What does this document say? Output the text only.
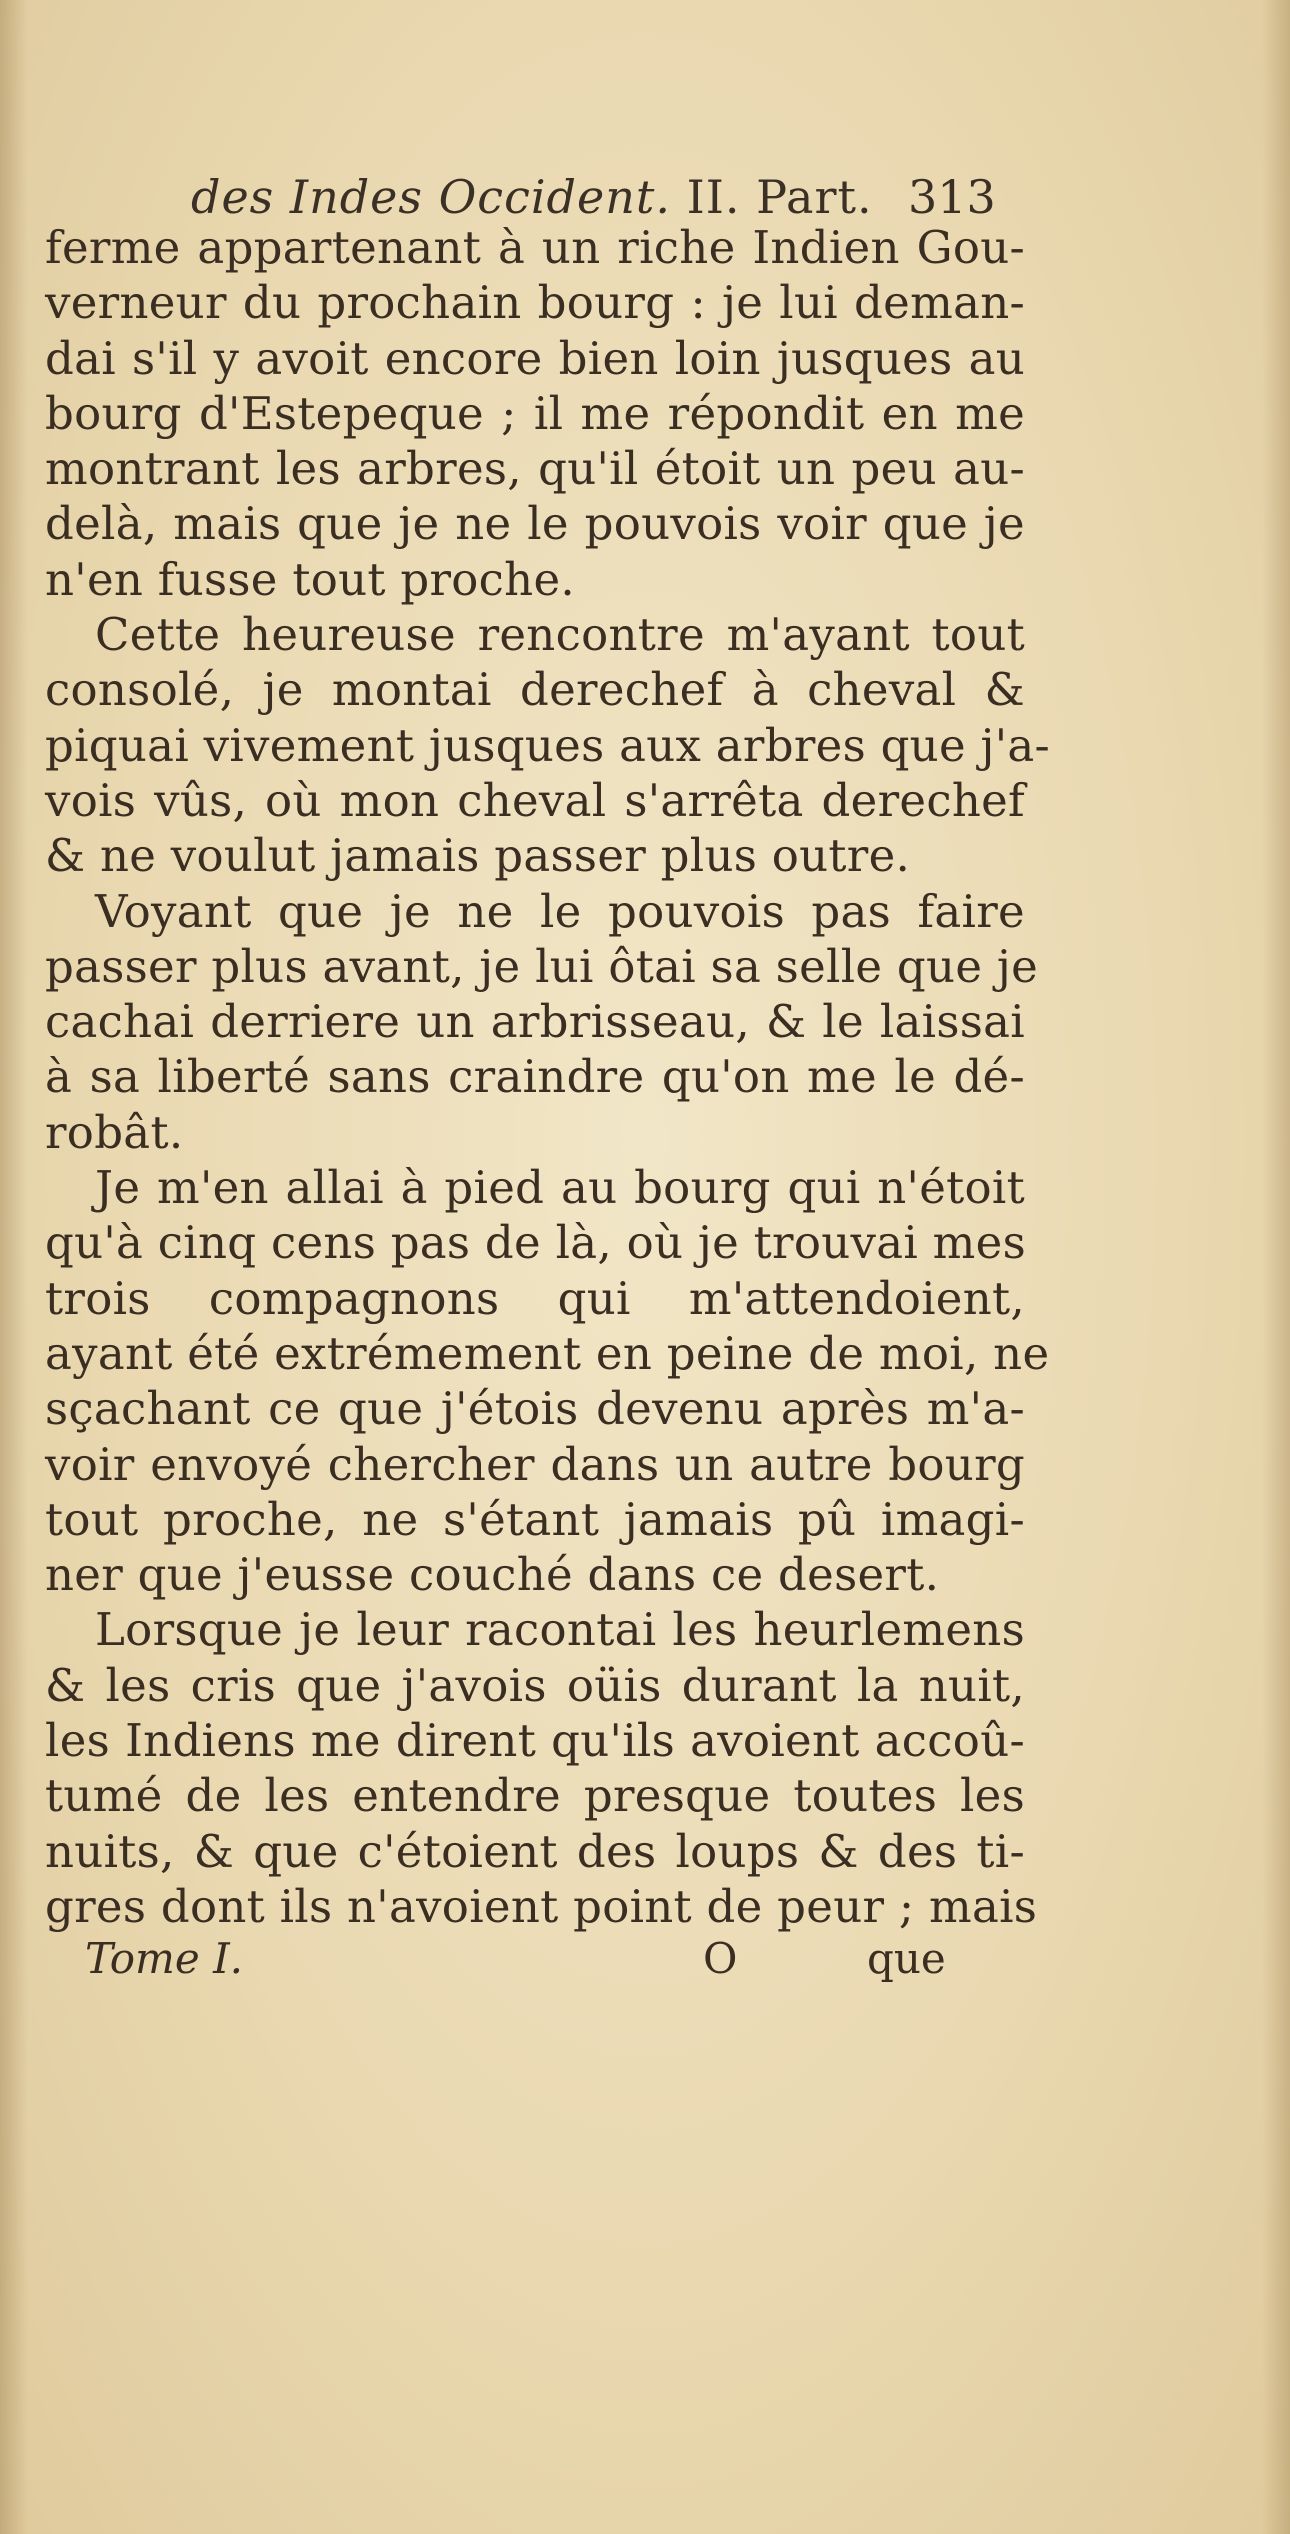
des Indes Occident. II. Part. 313
ferme appartenant à un riche Indien Gou-
verneur du prochain bourg : je lui deman-
dai s'il y avoit encore bien loin jusques au
bourg d'Estepeque ; il me répondit en me
montrant les arbres, qu'il étoit un peu au-
delà, mais que je ne le pouvois voir que je
n'en fusse tout proche.
Cette heureuse rencontre m'ayant tout
consolé, je montai derechef à cheval &
piquai vivement jusques aux arbres que j'a-
vois vûs, où mon cheval s'arrêta derechef
& ne voulut jamais passer plus outre.
Voyant que je ne le pouvois pas faire
passer plus avant, je lui ôtai sa selle que je
cachai derriere un arbrisseau, & le laissai
à sa liberté sans craindre qu'on me le dé-
robât.
Je m'en allai à pied au bourg qui n'étoit
qu'à cinq cens pas de là, où je trouvai mes
trois compagnons qui m'attendoient,
ayant été extrémement en peine de moi, ne
sçachant ce que j'étois devenu après m'a-
voir envoyé chercher dans un autre bourg
tout proche, ne s'étant jamais pû imagi-
ner que j'eusse couché dans ce desert.
Lorsque je leur racontai les heurlemens
& les cris que j'avois oüis durant la nuit,
les Indiens me dirent qu'ils avoient accoû-
tumé de les entendre presque toutes les
nuits, & que c'étoient des loups & des ti-
gres dont ils n'avoient point de peur ; mais
Tome I.	O	que
